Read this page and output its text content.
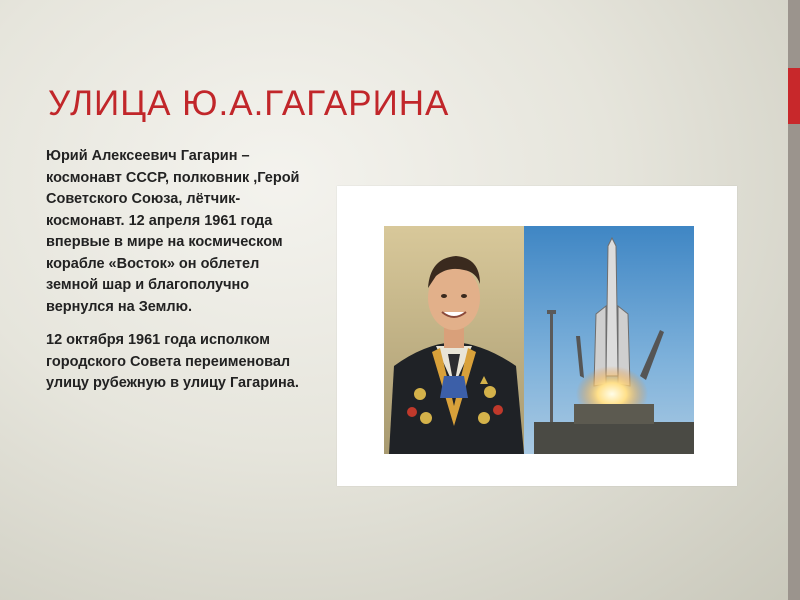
УЛИЦА Ю.А.ГАГАРИНА

Юрий Алексеевич Гагарин –космонавт СССР, полковник ,Герой Советского Союза, лётчик-космонавт. 12 апреля 1961 года впервые в мире на космическом корабле «Восток» он облетел земной шар и благополучно вернулся на Землю.

12 октября 1961 года исполком городского Совета переименовал улицу рубежную в улицу Гагарина.
